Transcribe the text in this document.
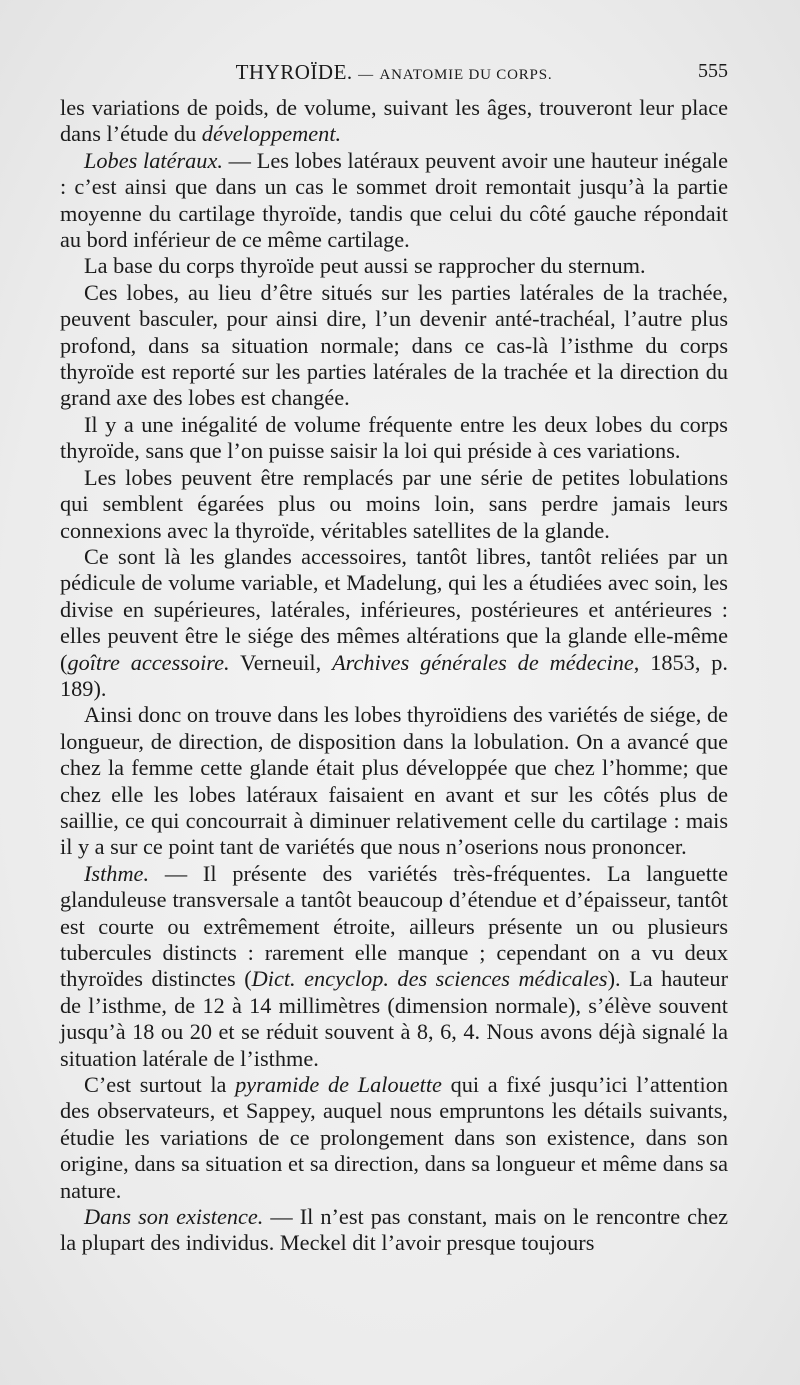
THYROÏDE. — ANATOMIE DU CORPS.	555

les variations de poids, de volume, suivant les âges, trouveront leur place dans l’étude du développement.

Lobes latéraux. — Les lobes latéraux peuvent avoir une hauteur inégale : c’est ainsi que dans un cas le sommet droit remontait jusqu’à la partie moyenne du cartilage thyroïde, tandis que celui du côté gauche répondait au bord inférieur de ce même cartilage.

La base du corps thyroïde peut aussi se rapprocher du sternum.

Ces lobes, au lieu d’être situés sur les parties latérales de la trachée, peuvent basculer, pour ainsi dire, l’un devenir anté-trachéal, l’autre plus profond, dans sa situation normale; dans ce cas-là l’isthme du corps thyroïde est reporté sur les parties latérales de la trachée et la direction du grand axe des lobes est changée.

Il y a une inégalité de volume fréquente entre les deux lobes du corps thyroïde, sans que l’on puisse saisir la loi qui préside à ces variations.

Les lobes peuvent être remplacés par une série de petites lobulations qui semblent égarées plus ou moins loin, sans perdre jamais leurs connexions avec la thyroïde, véritables satellites de la glande.

Ce sont là les glandes accessoires, tantôt libres, tantôt reliées par un pédicule de volume variable, et Madelung, qui les a étudiées avec soin, les divise en supérieures, latérales, inférieures, postérieures et antérieures : elles peuvent être le siége des mêmes altérations que la glande elle-même (goître accessoire. Verneuil, Archives générales de médecine, 1853, p. 189).

Ainsi donc on trouve dans les lobes thyroïdiens des variétés de siége, de longueur, de direction, de disposition dans la lobulation. On a avancé que chez la femme cette glande était plus développée que chez l’homme; que chez elle les lobes latéraux faisaient en avant et sur les côtés plus de saillie, ce qui concourrait à diminuer relativement celle du cartilage : mais il y a sur ce point tant de variétés que nous n’oserions nous prononcer.

Isthme. — Il présente des variétés très-fréquentes. La languette glanduleuse transversale a tantôt beaucoup d’étendue et d’épaisseur, tantôt est courte ou extrêmement étroite, ailleurs présente un ou plusieurs tubercules distincts : rarement elle manque ; cependant on a vu deux thyroïdes distinctes (Dict. encyclop. des sciences médicales). La hauteur de l’isthme, de 12 à 14 millimètres (dimension normale), s’élève souvent jusqu’à 18 ou 20 et se réduit souvent à 8, 6, 4. Nous avons déjà signalé la situation latérale de l’isthme.

C’est surtout la pyramide de Lalouette qui a fixé jusqu’ici l’attention des observateurs, et Sappey, auquel nous empruntons les détails suivants, étudie les variations de ce prolongement dans son existence, dans son origine, dans sa situation et sa direction, dans sa longueur et même dans sa nature.

Dans son existence. — Il n’est pas constant, mais on le rencontre chez la plupart des individus. Meckel dit l’avoir presque toujours
